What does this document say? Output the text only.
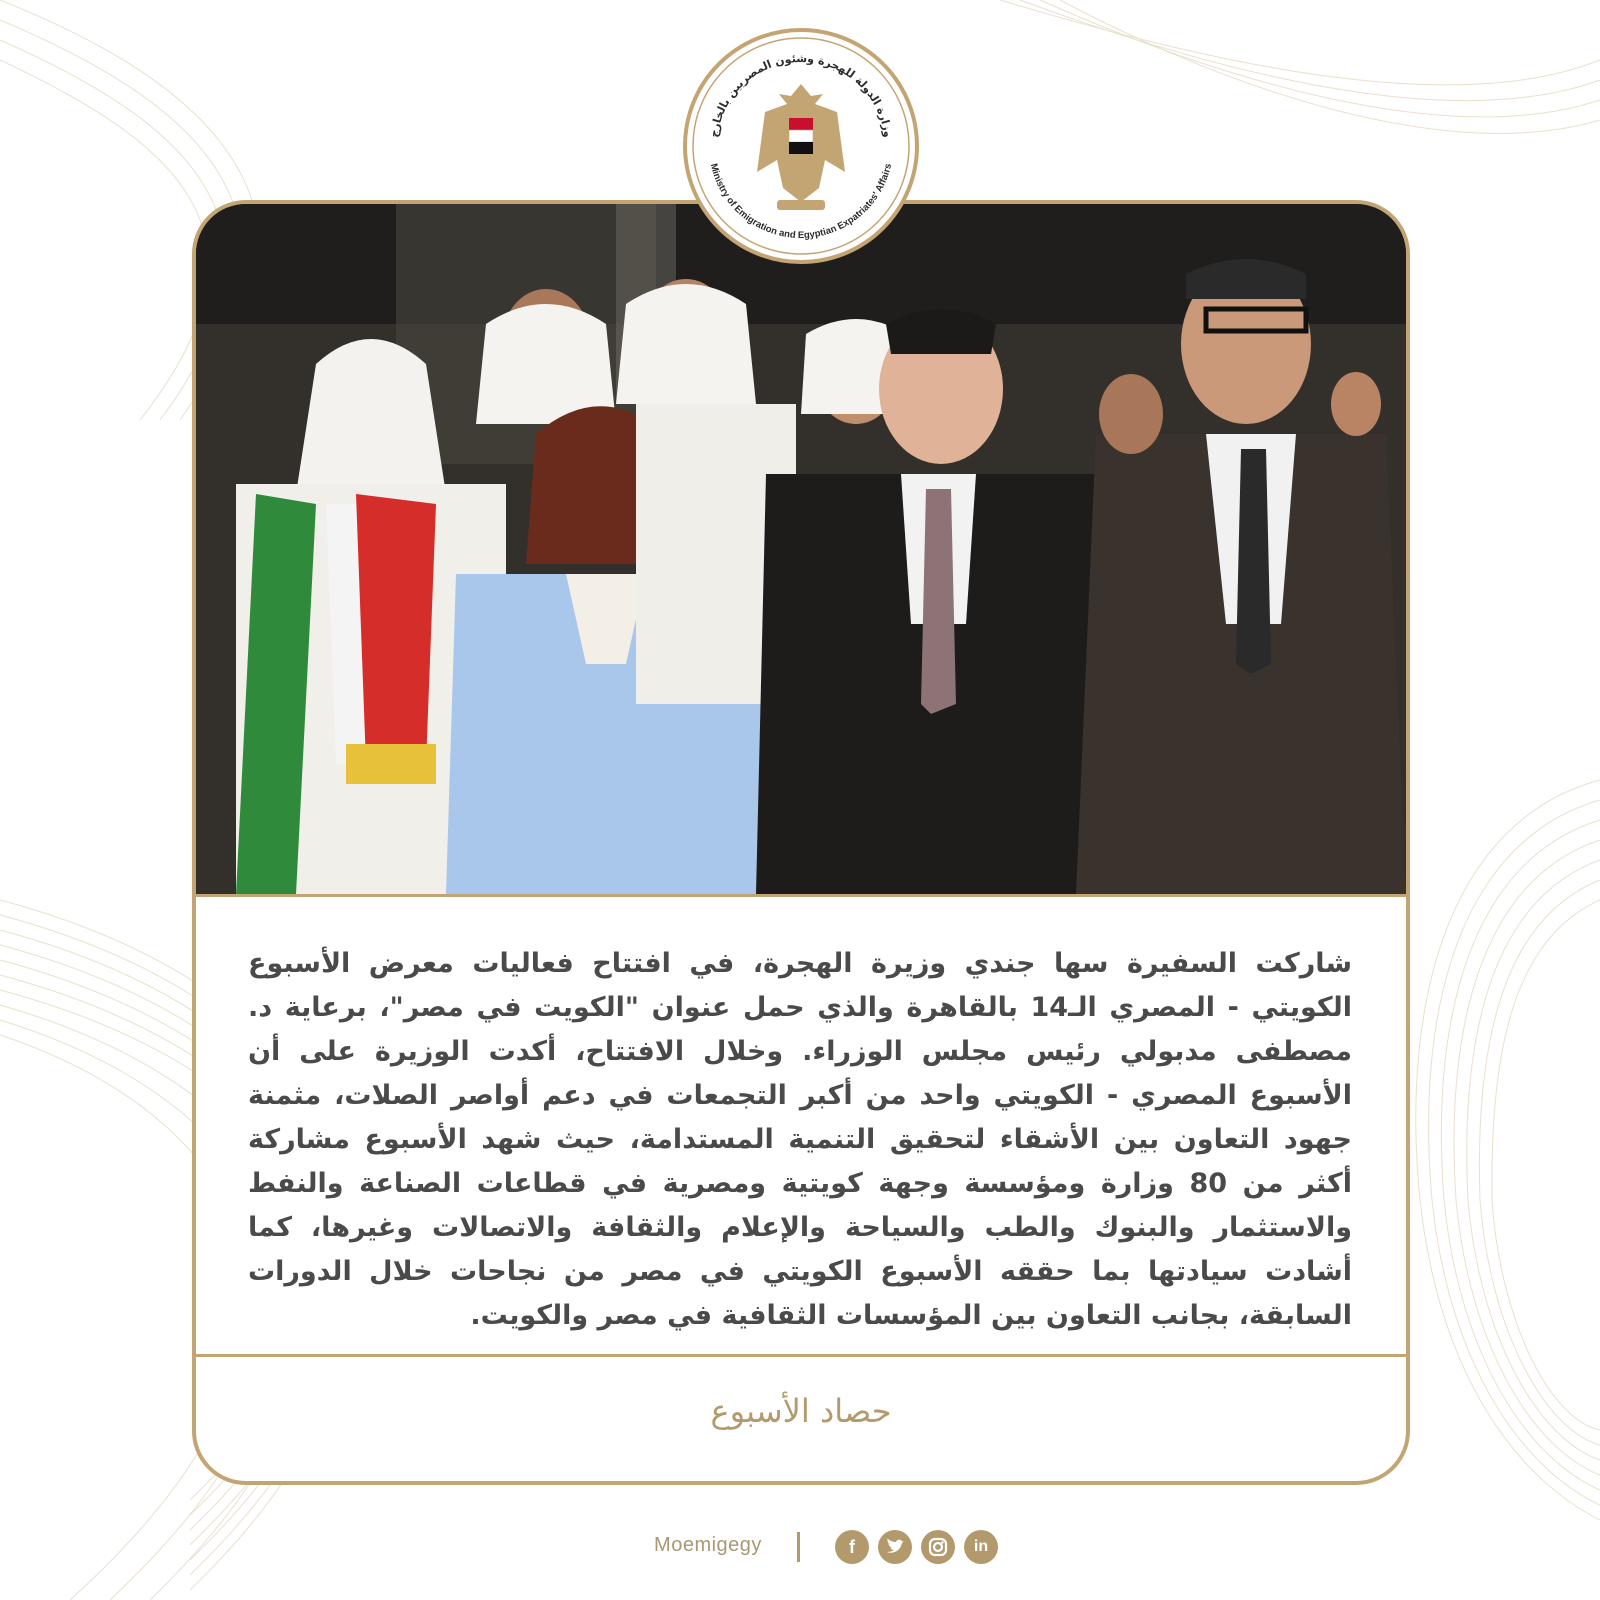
شاركت السفيرة سها جندي وزيرة الهجرة، في افتتاح فعاليات معرض الأسبوع الكويتي - المصري الـ14 بالقاهرة والذي حمل عنوان "الكويت في مصر"، برعاية د. مصطفى مدبولي رئيس مجلس الوزراء. وخلال الافتتاح، أكدت الوزيرة على أن الأسبوع المصري - الكويتي واحد من أكبر التجمعات في دعم أواصر الصلات، مثمنة جهود التعاون بين الأشقاء لتحقيق التنمية المستدامة، حيث شهد الأسبوع مشاركة أكثر من 80 وزارة ومؤسسة وجهة كويتية ومصرية في قطاعات الصناعة والنفط والاستثمار والبنوك والطب والسياحة والإعلام والثقافة والاتصالات وغيرها، كما أشادت سيادتها بما حققه الأسبوع الكويتي في مصر من نجاحات خلال الدورات السابقة، بجانب التعاون بين المؤسسات الثقافية في مصر والكويت.
حصاد الأسبوع
وزارة الدولة للهجرة وشئون المصريين بالخارج
Ministry of Emigration and Egyptian Expatriates' Affairs
Moemigegy	f	in
